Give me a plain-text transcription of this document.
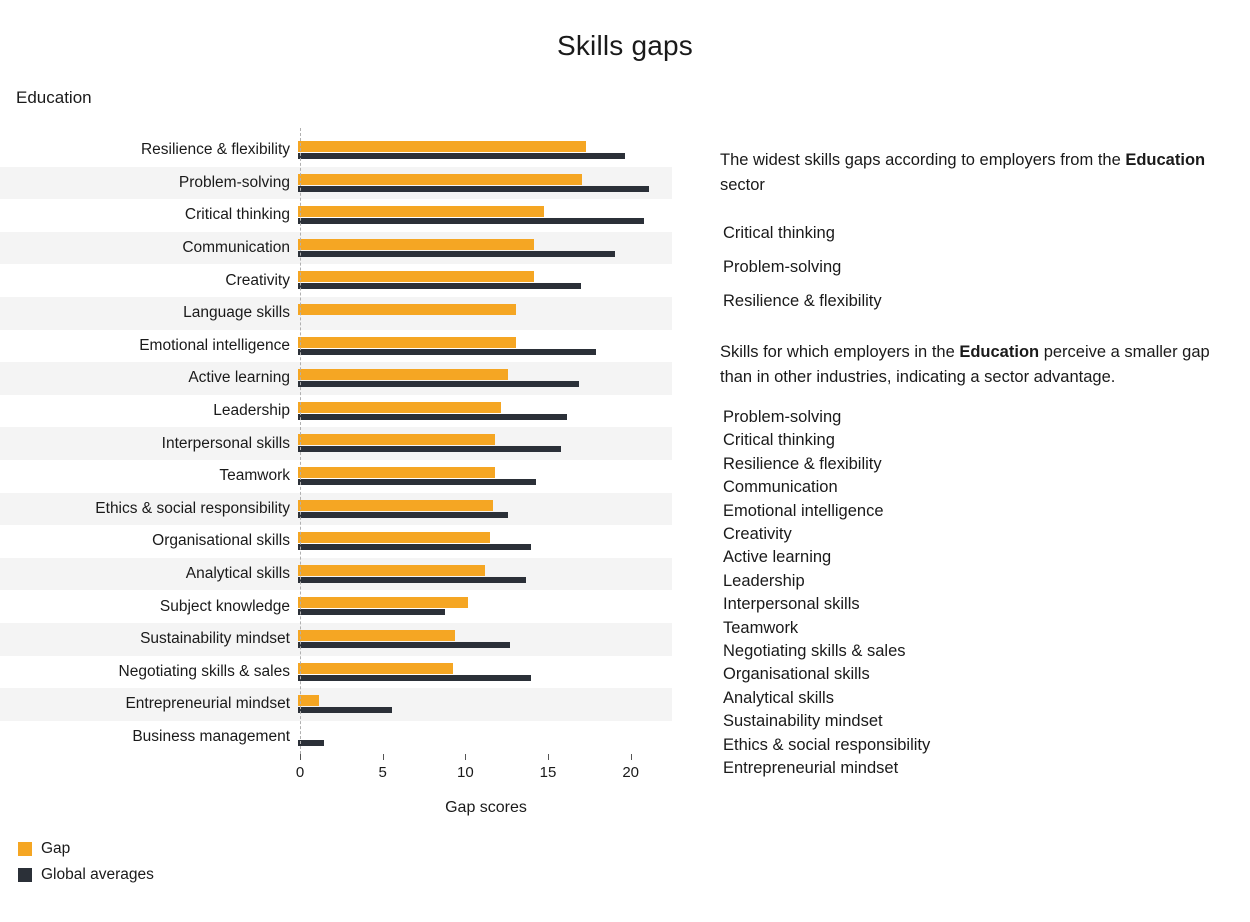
Skills gaps
Education
Resilience & flexibility
Problem-solving
Critical thinking
Communication
Creativity
Language skills
Emotional intelligence
Active learning
Leadership
Interpersonal skills
Teamwork
Ethics & social responsibility
Organisational skills
Analytical skills
Subject knowledge
Sustainability mindset
Negotiating skills & sales
Entrepreneurial mindset
Business management
0	5	10	15	20
Gap scores
Gap
Global averages

The widest skills gaps according to employers from the Education sector

Critical thinking
Problem-solving
Resilience & flexibility

Skills for which employers in the Education perceive a smaller gap than in other industries, indicating a sector advantage.

Problem-solving
Critical thinking
Resilience & flexibility
Communication
Emotional intelligence
Creativity
Active learning
Leadership
Interpersonal skills
Teamwork
Negotiating skills & sales
Organisational skills
Analytical skills
Sustainability mindset
Ethics & social responsibility
Entrepreneurial mindset
